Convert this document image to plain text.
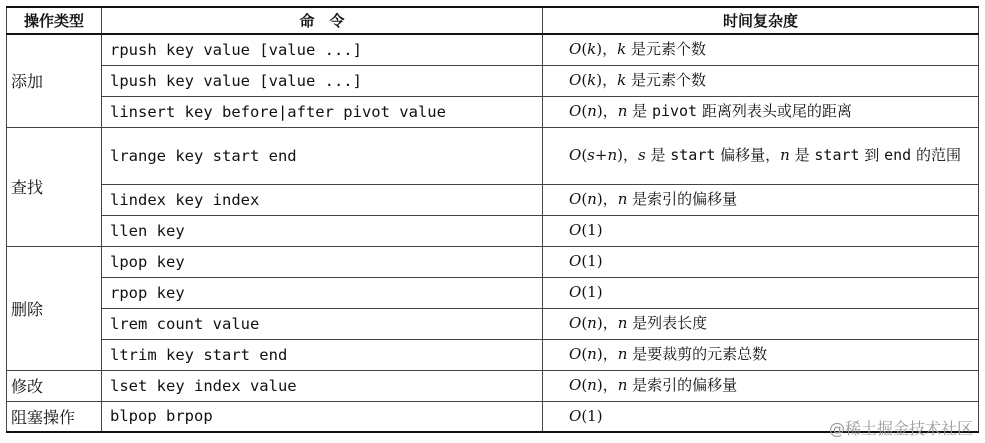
操作类型	命　令	时间复杂度
添加	rpush key value [value ...]	O(k)，k 是元素个数
	lpush key value [value ...]	O(k)，k 是元素个数
	linsert key before|after pivot value	O(n)，n 是 pivot 距离列表头或尾的距离
查找	lrange key start end	O(s+n)，s 是 start 偏移量，n 是 start 到 end 的范围
	lindex key index	O(n)，n 是索引的偏移量
	llen key	O(1)
删除	lpop key	O(1)
	rpop key	O(1)
	lrem count value	O(n)，n 是列表长度
	ltrim key start end	O(n)，n 是要裁剪的元素总数
修改	lset key index value	O(n)，n 是索引的偏移量
阻塞操作	blpop brpop	O(1)
@稀土掘金技术社区
